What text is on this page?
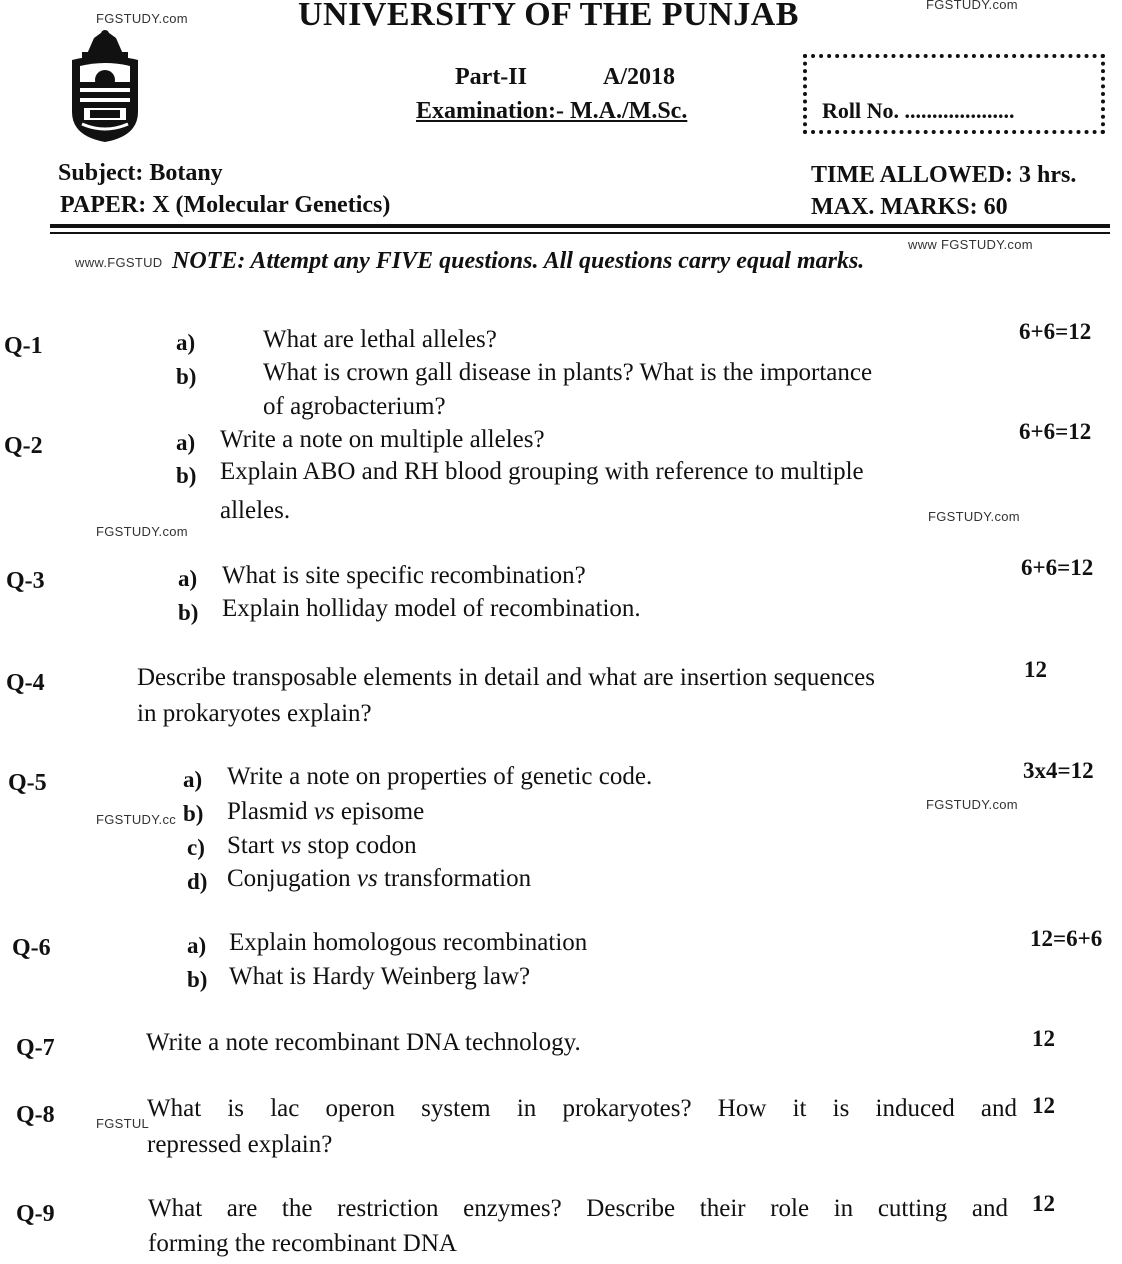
FGSTUDY.com
FGSTUDY.com
UNIVERSITY OF THE PUNJAB
Part-II	A/2018
Examination:- M.A./M.Sc.	Roll No. ....................
Subject: Botany
PAPER: X (Molecular Genetics)
TIME ALLOWED: 3 hrs.
MAX. MARKS: 60
www.FGSTUD
www FGSTUDY.com
NOTE: Attempt any FIVE questions. All questions carry equal marks.
Q-1	a)	What are lethal alleles?	6+6=12
b)	What is crown gall disease in plants? What is the importance
of agrobacterium?
Q-2	a) Write a note on multiple alleles?	6+6=12
b) Explain ABO and RH blood grouping with reference to multiple
alleles.
FGSTUDY.com
FGSTUDY.com
Q-3	a) What is site specific recombination?	6+6=12
b) Explain holliday model of recombination.
Q-4	Describe transposable elements in detail and what are insertion sequences
in prokaryotes explain?
12
Q-5	a) Write a note on properties of genetic code.	3x4=12
FGSTUDY.cc
FGSTUDY.com
b) Plasmid vs episome
c) Start vs stop codon
d) Conjugation vs transformation
Q-6	a) Explain homologous recombination	12=6+6
b) What is Hardy Weinberg law?
Q-7	Write a note recombinant DNA technology.	12
Q-8	FGSTUL
What is lac operon system in prokaryotes? How it is induced and
repressed explain?
12
Q-9	What are the restriction enzymes? Describe their role in cutting and
forming the recombinant DNA
12
